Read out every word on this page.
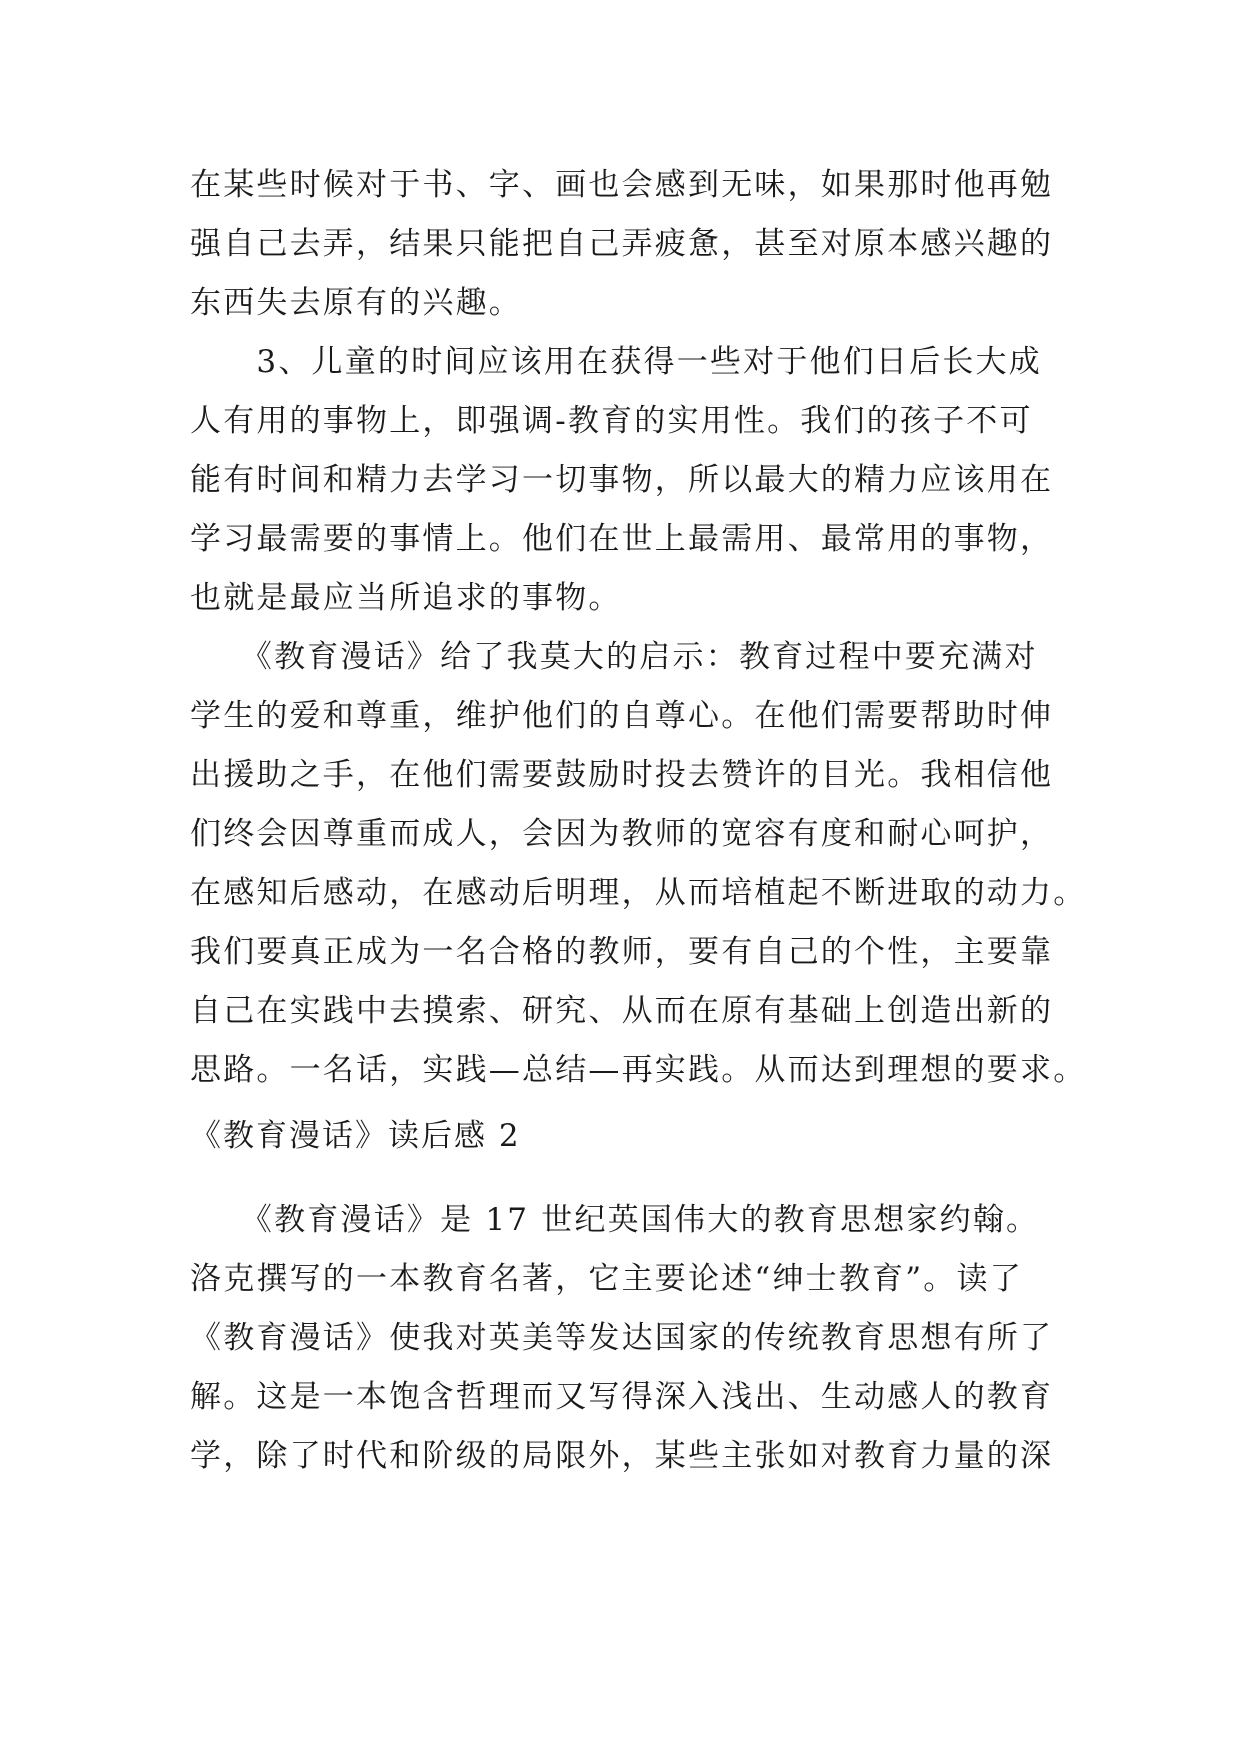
在某些时候对于书、字、画也会感到无味，如果那时他再勉
强自己去弄，结果只能把自己弄疲惫，甚至对原本感兴趣的
东西失去原有的兴趣。
　　3、儿童的时间应该用在获得一些对于他们日后长大成
人有用的事物上，即强调-教育的实用性。我们的孩子不可
能有时间和精力去学习一切事物，所以最大的精力应该用在
学习最需要的事情上。他们在世上最需用、最常用的事物，
也就是最应当所追求的事物。
　　《教育漫话》给了我莫大的启示：教育过程中要充满对
学生的爱和尊重，维护他们的自尊心。在他们需要帮助时伸
出援助之手，在他们需要鼓励时投去赞许的目光。我相信他
们终会因尊重而成人，会因为教师的宽容有度和耐心呵护，
在感知后感动，在感动后明理，从而培植起不断进取的动力。
我们要真正成为一名合格的教师，要有自己的个性，主要靠
自己在实践中去摸索、研究、从而在原有基础上创造出新的
思路。一名话，实践—总结—再实践。从而达到理想的要求。
《教育漫话》读后感 2
　　《教育漫话》是 17 世纪英国伟大的教育思想家约翰。
洛克撰写的一本教育名著，它主要论述“绅士教育”。读了
《教育漫话》使我对英美等发达国家的传统教育思想有所了
解。这是一本饱含哲理而又写得深入浅出、生动感人的教育
学，除了时代和阶级的局限外，某些主张如对教育力量的深
